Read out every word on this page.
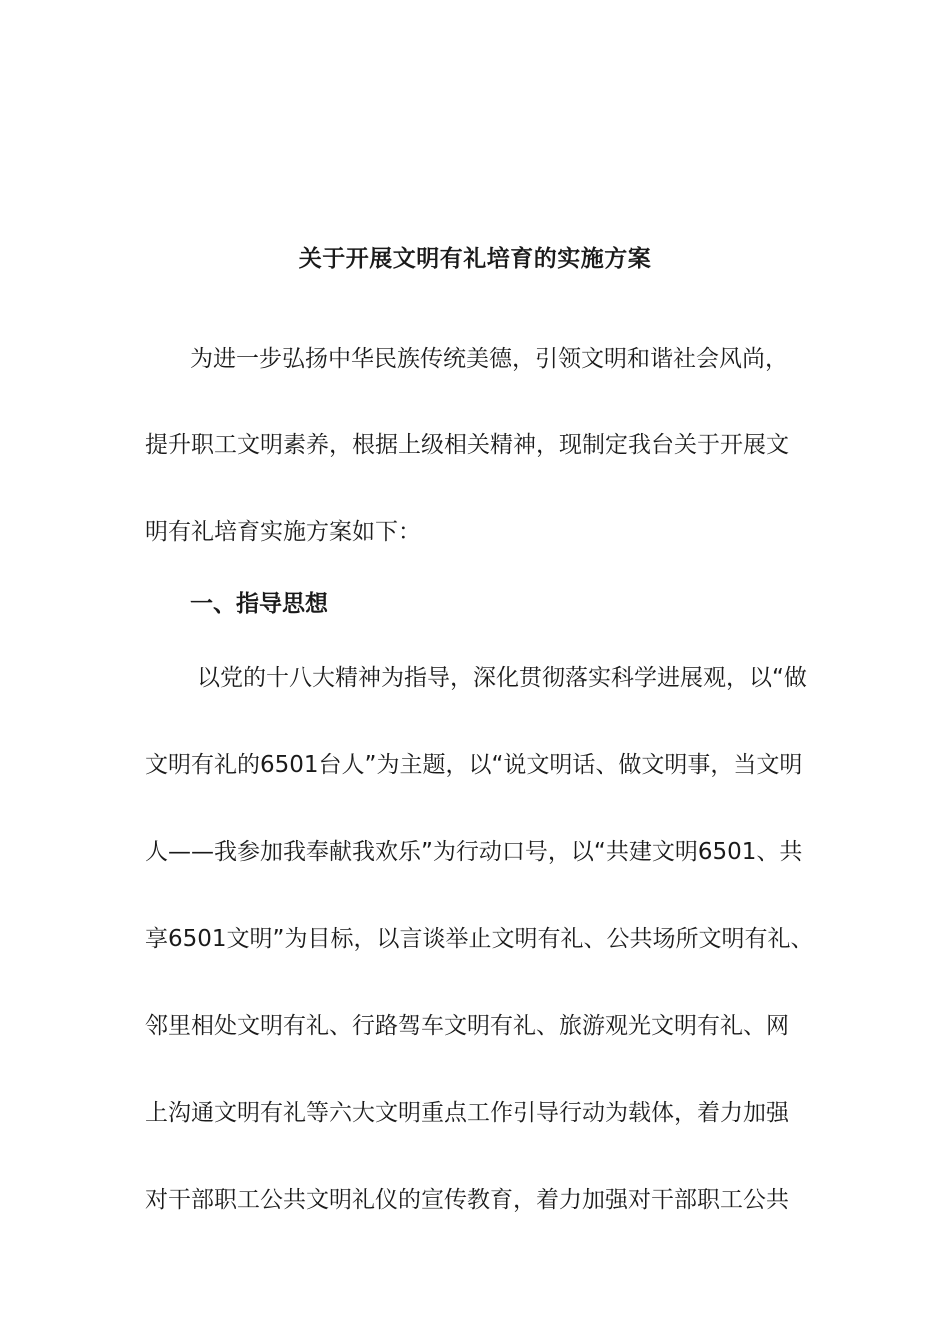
关于开展文明有礼培育的实施方案
为进一步弘扬中华民族传统美德，引领文明和谐社会风尚，
提升职工文明素养，根据上级相关精神，现制定我台关于开展文
明有礼培育实施方案如下：
一、指导思想
以党的十八大精神为指导，深化贯彻落实科学进展观，以“做
文明有礼的6501台人”为主题，以“说文明话、做文明事，当文明
人——我参加我奉献我欢乐”为行动口号，以“共建文明6501、共
享6501文明”为目标，以言谈举止文明有礼、公共场所文明有礼、
邻里相处文明有礼、行路驾车文明有礼、旅游观光文明有礼、网
上沟通文明有礼等六大文明重点工作引导行动为载体，着力加强
对干部职工公共文明礼仪的宣传教育，着力加强对干部职工公共
